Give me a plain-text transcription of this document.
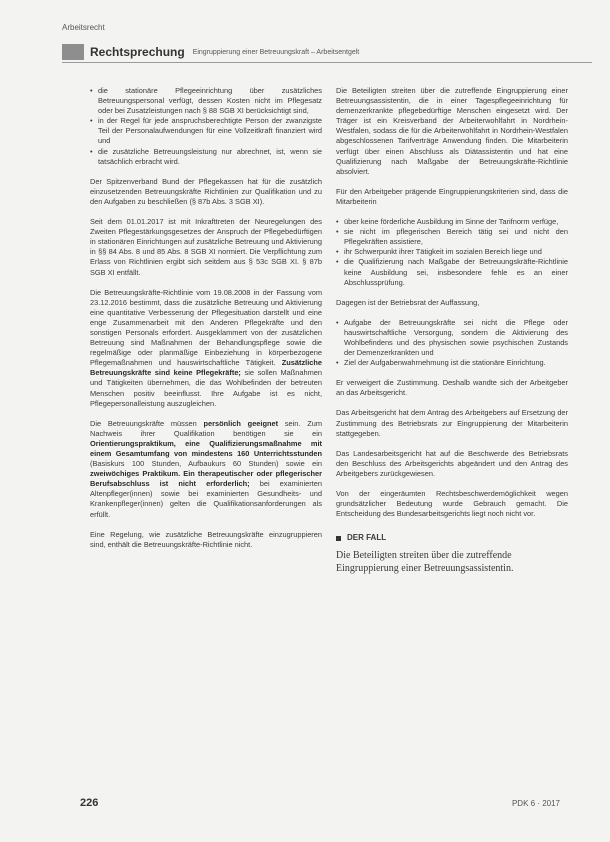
Arbeitsrecht
Rechtsprechung Eingruppierung einer Betreuungskraft – Arbeitsentgelt
• die stationäre Pflegeeinrichtung über zusätzliches Betreuungspersonal verfügt, dessen Kosten nicht im Pflegesatz oder bei Zusatzleistungen nach § 88 SGB XI berücksichtigt sind,
• in der Regel für jede anspruchsberechtigte Person der zwanzigste Teil der Personalaufwendungen für eine Vollzeitkraft finanziert wird und
• die zusätzliche Betreuungsleistung nur abrechnet, ist, wenn sie tatsächlich erbracht wird.

Der Spitzenverband Bund der Pflegekassen hat für die zusätzlich einzusetzenden Betreuungskräfte Richtlinien zur Qualifikation und zu den Aufgaben zu beschließen (§ 87b Abs. 3 SGB XI).

Seit dem 01.01.2017 ist mit Inkrafttreten der Neuregelungen des Zweiten Pflegestärkungsgesetzes der Anspruch der Pflegebedürftigen in stationären Einrichtungen auf zusätzliche Betreuung und Aktivierung in §§ 84 Abs. 8 und 85 Abs. 8 SGB XI normiert. Die Verpflichtung zum Erlass von Richtlinien ergibt sich seitdem aus § 53c SGB XI. § 87b SGB XI entfällt.

Die Betreuungskräfte-Richtlinie vom 19.08.2008 in der Fassung vom 23.12.2016 bestimmt, dass die zusätzliche Betreuung und Aktivierung eine quantitative Verbesserung der Pflegesituation darstellt und eine enge Zusammenarbeit mit den Anderen Pflegekräfte und den sonstigen Personals erfordert. Ausgeklammert von der zusätzlichen Betreuung sind Maßnahmen der Behandlungspflege sowie die regelmäßige oder planmäßige Einbeziehung in körperbezogene Pflegemaßnahmen und hauswirtschaftliche Tätigkeit. Zusätzliche Betreuungskräfte sind keine Pflegekräfte; sie sollen Maßnahmen und Tätigkeiten übernehmen, die das Wohlbefinden der betreuten Menschen positiv beeinflusst. Ihre Aufgabe ist es nicht, Pflegepersonalleistung auszugleichen.

Die Betreuungskräfte müssen persönlich geeignet sein. Zum Nachweis ihrer Qualifikation benötigen sie ein Orientierungspraktikum, eine Qualifizierungsmaßnahme mit einem Gesamtumfang von mindestens 160 Unterrichtsstunden (Basiskurs 100 Stunden, Aufbaukurs 60 Stunden) sowie ein zweiwöchiges Praktikum. Ein therapeutischer oder pflegerischer Berufsabschluss ist nicht erforderlich; bei examinierten Altenpfleger(innen) sowie bei examinierten Gesundheits- und Krankenpfleger(innen) gelten die Qualifikationsanforderungen als erfüllt.

Eine Regelung, wie zusätzliche Betreuungskräfte einzugruppieren sind, enthält die Betreuungskräfte-Richtlinie nicht.

Die Beteiligten streiten über die zutreffende Eingruppierung einer Betreuungsassistentin, die in einer Tagespflegeeinrichtung für demenzerkrankte pflegebedürftige Menschen eingesetzt wird. Der Träger ist ein Kreisverband der Arbeiterwohlfahrt in Nordrhein-Westfalen, sodass die für die Arbeiterwohlfahrt in Nordrhein-Westfalen abgeschlossenen Tarifverträge Anwendung finden. Die Mitarbeiterin verfügt über einen Abschluss als Diätassistentin und hat eine Qualifizierung nach Maßgabe der Betreuungskräfte-Richtlinie absolviert.

Für den Arbeitgeber prägende Eingruppierungskriterien sind, dass die Mitarbeiterin

• über keine förderliche Ausbildung im Sinne der Tarifnorm verfüge,
• sie nicht im pflegerischen Bereich tätig sei und nicht den Pflegekräften assistiere,
• ihr Schwerpunkt ihrer Tätigkeit im sozialen Bereich liege und
• die Qualifizierung nach Maßgabe der Betreuungskräfte-Richtlinie keine Ausbildung sei, insbesondere fehle es an einer Abschlussprüfung.

Dagegen ist der Betriebsrat der Auffassung,

• Aufgabe der Betreuungskräfte sei nicht die Pflege oder hauswirtschaftliche Versorgung, sondern die Aktivierung des Wohlbefindens und des physischen sowie psychischen Zustands der Demenzerkrankten und
• Ziel der Aufgabenwahrnehmung ist die stationäre Einrichtung.

Er verweigert die Zustimmung. Deshalb wandte sich der Arbeitgeber an das Arbeitsgericht.

Das Arbeitsgericht hat dem Antrag des Arbeitgebers auf Ersetzung der Zustimmung des Betriebsrats zur Eingruppierung der Mitarbeiterin stattgegeben.

Das Landesarbeitsgericht hat auf die Beschwerde des Betriebsrats den Beschluss des Arbeitsgerichts abgeändert und den Antrag des Arbeitgebers zurückgewiesen.

Von der eingeräumten Rechtsbeschwerdemöglichkeit wegen grundsätzlicher Bedeutung wurde Gebrauch gemacht. Die Entscheidung des Bundesarbeitsgerichts liegt noch nicht vor.

DER FALL
Die Beteiligten streiten über die zutreffende Eingruppierung einer Betreuungsassistentin.
226	PDK 6 · 2017
